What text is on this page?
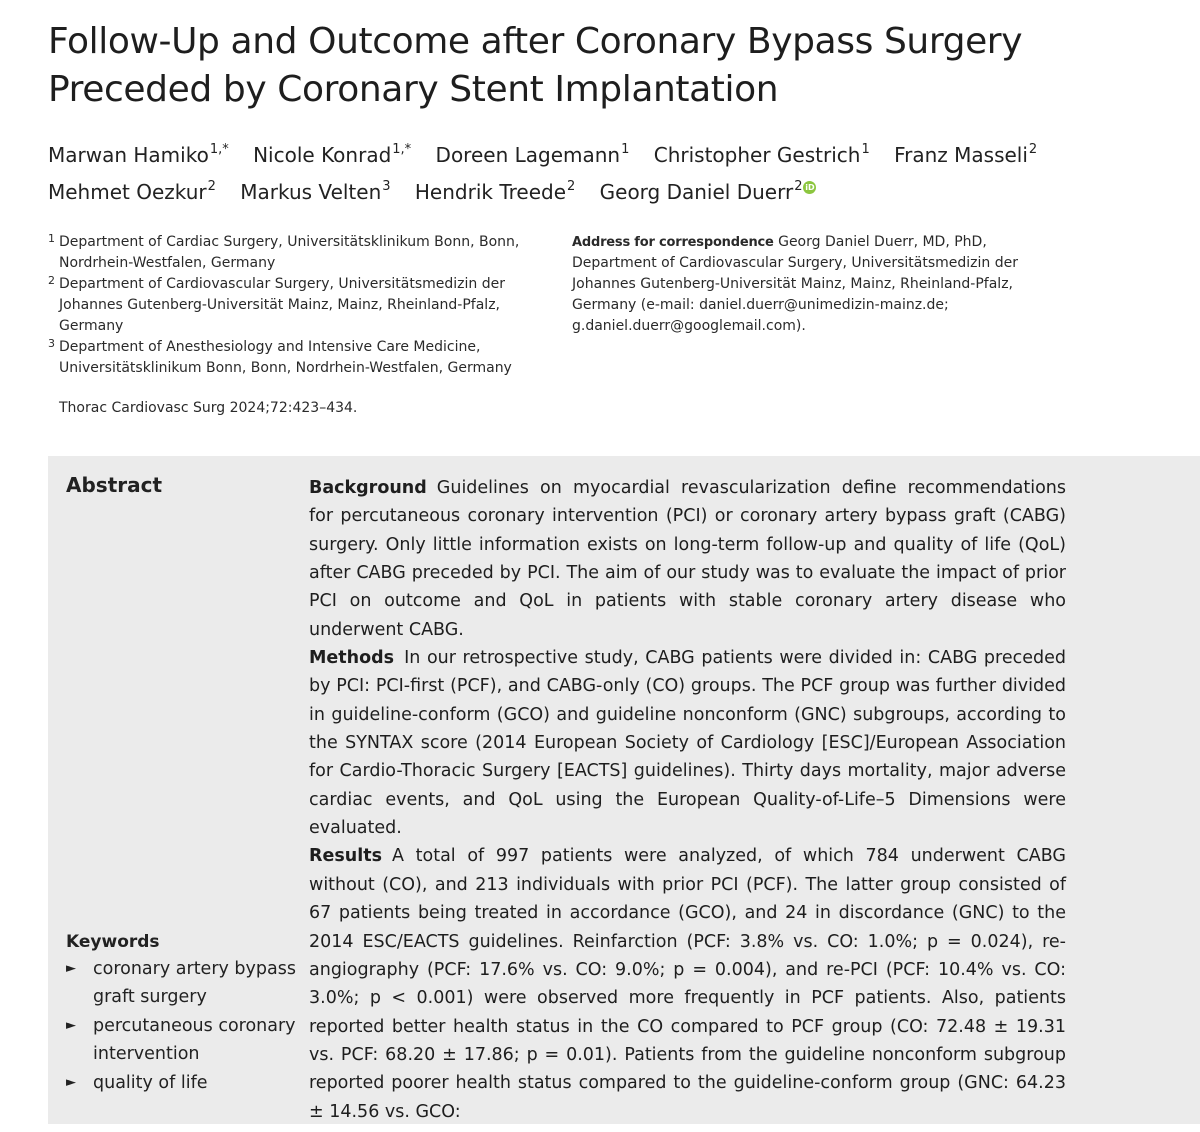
Follow-Up and Outcome after Coronary Bypass Surgery Preceded by Coronary Stent Implantation
Marwan Hamiko$^{1,*}$ Nicole Konrad$^{1,*}$ Doreen Lagemann$^1$ Christopher Gestrich$^1$ Franz Masseli$^2$
Mehmet Oezkur$^2$ Markus Velten$^3$ Hendrik Treede$^2$ Georg Daniel Duerr$^2$ iD
1 Department of Cardiac Surgery, Universitätsklinikum Bonn, Bonn, Nordrhein-Westfalen, Germany
2 Department of Cardiovascular Surgery, Universitätsmedizin der Johannes Gutenberg-Universität Mainz, Mainz, Rheinland-Pfalz, Germany
3 Department of Anesthesiology and Intensive Care Medicine, Universitätsklinikum Bonn, Bonn, Nordrhein-Westfalen, Germany
Address for correspondence Georg Daniel Duerr, MD, PhD, Department of Cardiovascular Surgery, Universitätsmedizin der Johannes Gutenberg-Universität Mainz, Mainz, Rheinland-Pfalz, Germany (e-mail: daniel.duerr@unimedizin-mainz.de; g.daniel.duerr@googlemail.com).
Thorac Cardiovasc Surg 2024;72:423–434.
Abstract
Keywords
► coronary artery bypass graft surgery
► percutaneous coronary intervention
► quality of life
Background Guidelines on myocardial revascularization define recommendations for percutaneous coronary intervention (PCI) or coronary artery bypass graft (CABG) surgery. Only little information exists on long-term follow-up and quality of life (QoL) after CABG preceded by PCI. The aim of our study was to evaluate the impact of prior PCI on outcome and QoL in patients with stable coronary artery disease who underwent CABG.
Methods In our retrospective study, CABG patients were divided in: CABG preceded by PCI: PCI-first (PCF), and CABG-only (CO) groups. The PCF group was further divided in guideline-conform (GCO) and guideline nonconform (GNC) subgroups, according to the SYNTAX score (2014 European Society of Cardiology [ESC]/European Association for Cardio-Thoracic Surgery [EACTS] guidelines). Thirty days mortality, major adverse cardiac events, and QoL using the European Quality-of-Life–5 Dimensions were evaluated.
Results A total of 997 patients were analyzed, of which 784 underwent CABG without (CO), and 213 individuals with prior PCI (PCF). The latter group consisted of 67 patients being treated in accordance (GCO), and 24 in discordance (GNC) to the 2014 ESC/EACTS guidelines. Reinfarction (PCF: 3.8% vs. CO: 1.0%; p = 0.024), re-angiography (PCF: 17.6% vs. CO: 9.0%; p = 0.004), and re-PCI (PCF: 10.4% vs. CO: 3.0%; p < 0.001) were observed more frequently in PCF patients. Also, patients reported better health status in the CO compared to PCF group (CO: 72.48 ± 19.31 vs. PCF: 68.20 ± 17.86; p = 0.01). Patients from the guideline nonconform subgroup reported poorer health status compared to the guideline-conform group (GNC: 64.23 ± 14.56 vs. GCO:
